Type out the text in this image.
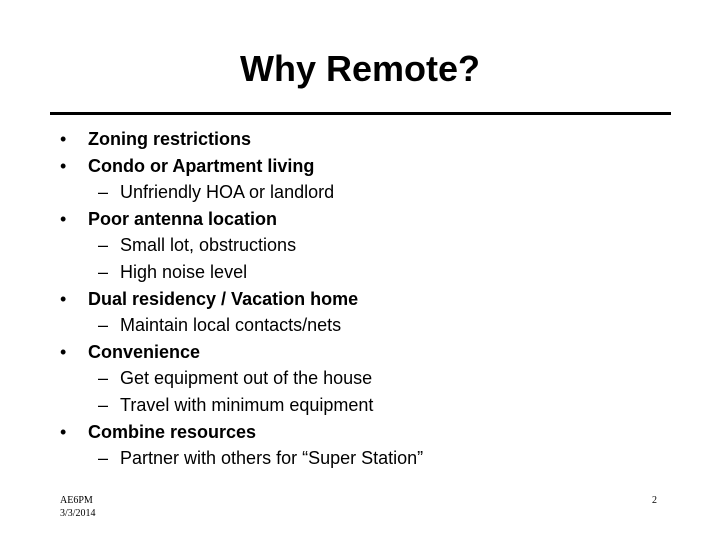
Why Remote?
• Zoning restrictions
• Condo or Apartment living
– Unfriendly HOA or landlord
• Poor antenna location
– Small lot, obstructions
– High noise level
• Dual residency / Vacation home
– Maintain local contacts/nets
• Convenience
– Get equipment out of the house
– Travel with minimum equipment
• Combine resources
– Partner with others for “Super Station”
AE6PM
3/3/2014
2
